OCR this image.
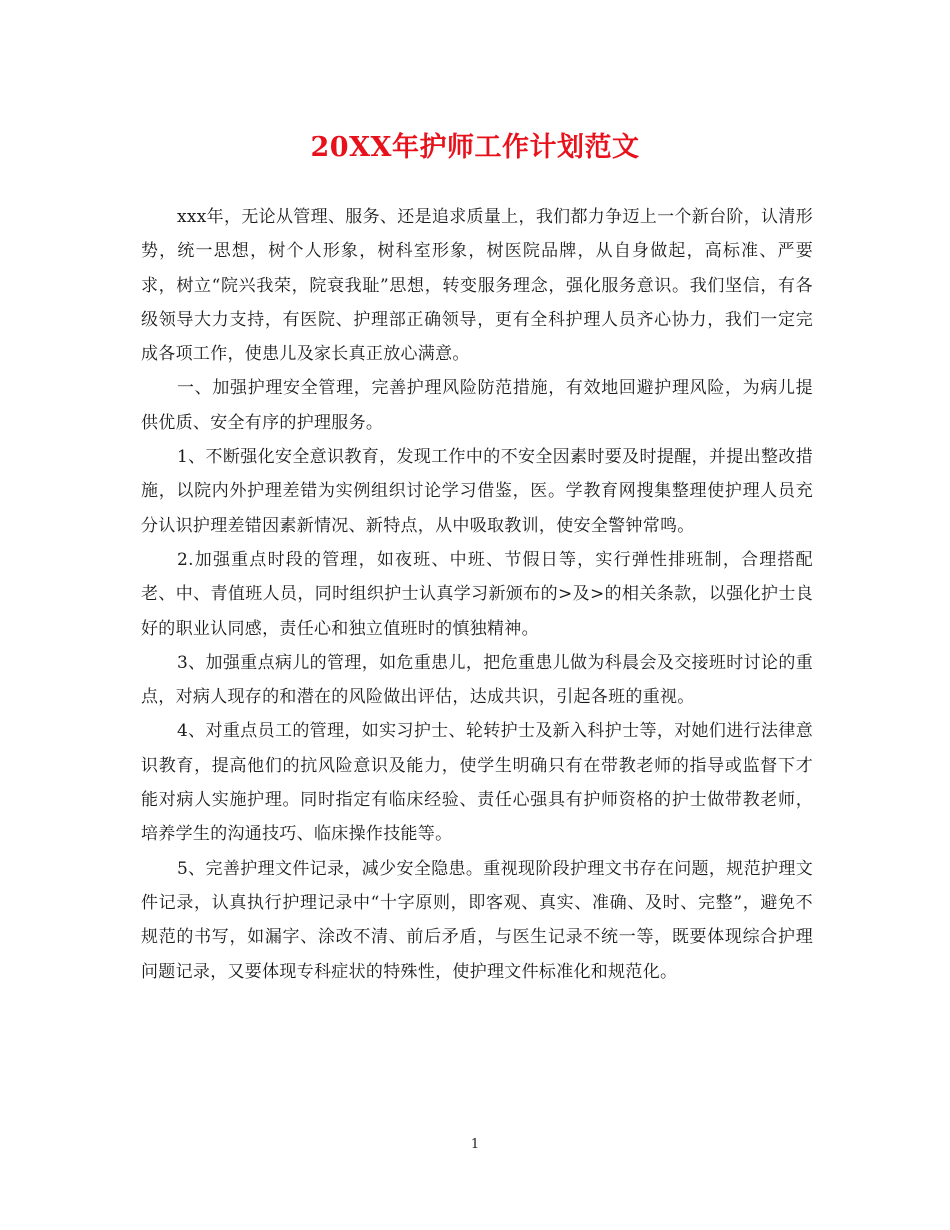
20XX年护师工作计划范文

xxx年，无论从管理、服务、还是追求质量上，我们都力争迈上一个新台阶，认清形势，统一思想，树个人形象，树科室形象，树医院品牌，从自身做起，高标准、严要求，树立“院兴我荣，院衰我耻”思想，转变服务理念，强化服务意识。我们坚信，有各级领导大力支持，有医院、护理部正确领导，更有全科护理人员齐心协力，我们一定完成各项工作，使患儿及家长真正放心满意。

一、加强护理安全管理，完善护理风险防范措施，有效地回避护理风险，为病儿提供优质、安全有序的护理服务。

1、不断强化安全意识教育，发现工作中的不安全因素时要及时提醒，并提出整改措施，以院内外护理差错为实例组织讨论学习借鉴，医。学教育网搜集整理使护理人员充分认识护理差错因素新情况、新特点，从中吸取教训，使安全警钟常鸣。

2.加强重点时段的管理，如夜班、中班、节假日等，实行弹性排班制，合理搭配老、中、青值班人员，同时组织护士认真学习新颁布的>及>的相关条款，以强化护士良好的职业认同感，责任心和独立值班时的慎独精神。

3、加强重点病儿的管理，如危重患儿，把危重患儿做为科晨会及交接班时讨论的重点，对病人现存的和潜在的风险做出评估，达成共识，引起各班的重视。

4、对重点员工的管理，如实习护士、轮转护士及新入科护士等，对她们进行法律意识教育，提高他们的抗风险意识及能力，使学生明确只有在带教老师的指导或监督下才能对病人实施护理。同时指定有临床经验、责任心强具有护师资格的护士做带教老师，培养学生的沟通技巧、临床操作技能等。

5、完善护理文件记录，减少安全隐患。重视现阶段护理文书存在问题，规范护理文件记录，认真执行护理记录中“十字原则，即客观、真实、准确、及时、完整”，避免不规范的书写，如漏字、涂改不清、前后矛盾，与医生记录不统一等，既要体现综合护理问题记录，又要体现专科症状的特殊性，使护理文件标准化和规范化。

1
